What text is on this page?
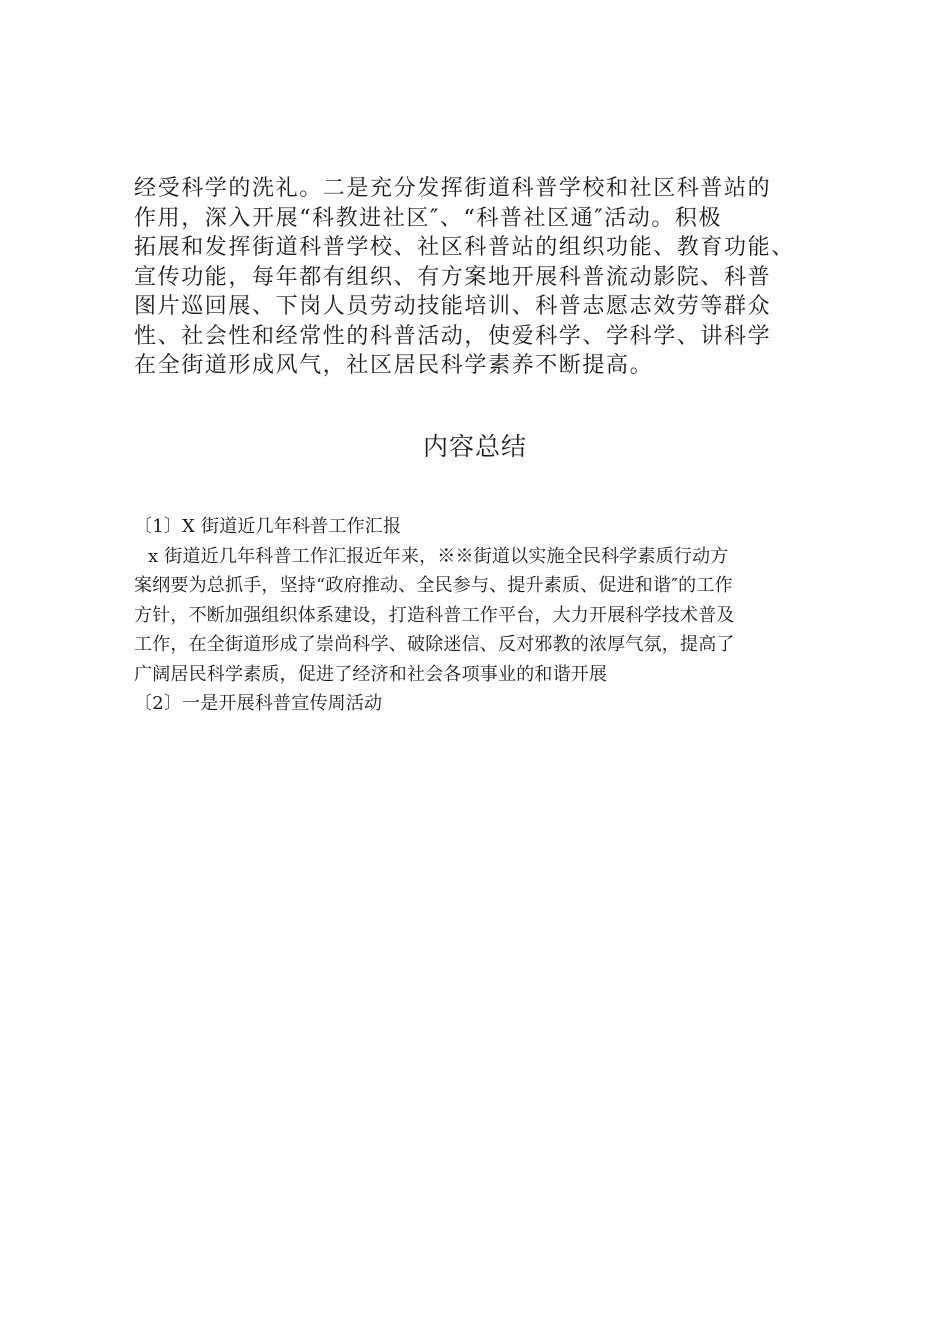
经受科学的洗礼。二是充分发挥街道科普学校和社区科普站的
作用，深入开展“科教进社区″、“科普社区通″活动。积极
拓展和发挥街道科普学校、社区科普站的组织功能、教育功能、
宣传功能，每年都有组织、有方案地开展科普流动影院、科普
图片巡回展、下岗人员劳动技能培训、科普志愿志效劳等群众
性、社会性和经常性的科普活动，使爱科学、学科学、讲科学
在全街道形成风气，社区居民科学素养不断提高。
内容总结
〔1〕X 街道近几年科普工作汇报
x 街道近几年科普工作汇报近年来，※※街道以实施全民科学素质行动方
案纲要为总抓手，坚持“政府推动、全民参与、提升素质、促进和谐″的工作
方针，不断加强组织体系建设，打造科普工作平台，大力开展科学技术普及
工作，在全街道形成了崇尚科学、破除迷信、反对邪教的浓厚气氛，提高了
广阔居民科学素质，促进了经济和社会各项事业的和谐开展
〔2〕一是开展科普宣传周活动
